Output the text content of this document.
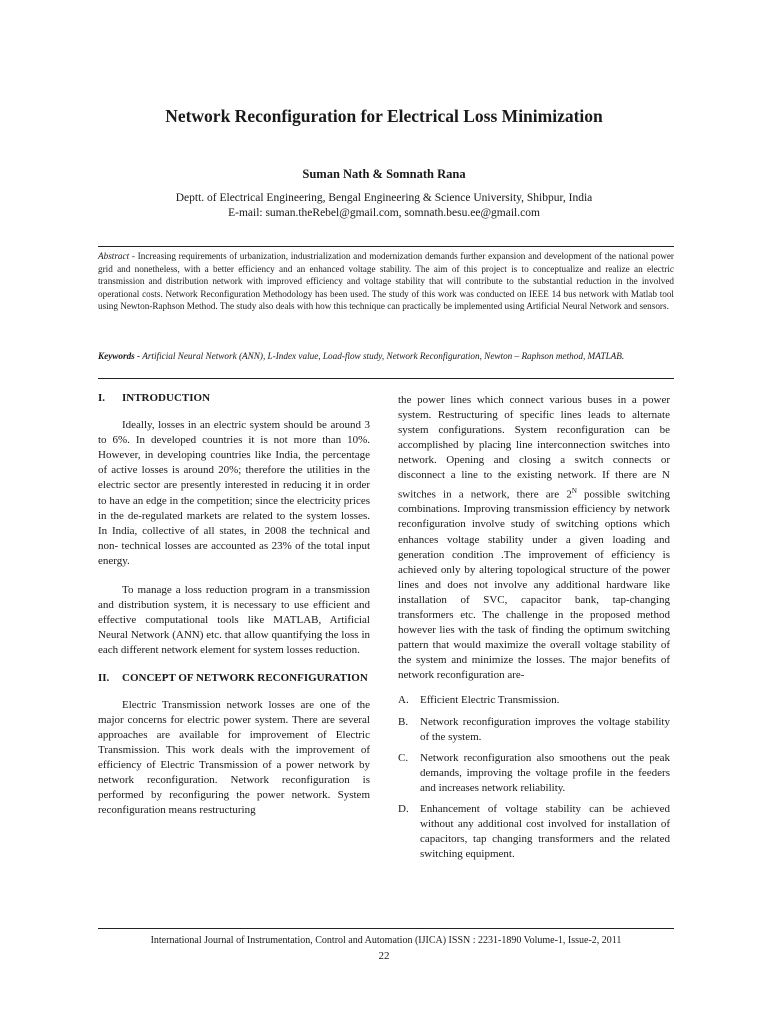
Network Reconfiguration for Electrical Loss Minimization
Suman Nath & Somnath Rana
Deptt. of Electrical Engineering, Bengal Engineering & Science University, Shibpur, India
E-mail: suman.theRebel@gmail.com, somnath.besu.ee@gmail.com
Abstract - Increasing requirements of urbanization, industrialization and modernization demands further expansion and development of the national power grid and nonetheless, with a better efficiency and an enhanced voltage stability. The aim of this project is to conceptualize and realize an electric transmission and distribution network with improved efficiency and voltage stability that will contribute to the substantial reduction in the involved operational costs. Network Reconfiguration Methodology has been used. The study of this work was conducted on IEEE 14 bus network with Matlab tool using Newton-Raphson Method. The study also deals with how this technique can practically be implemented using Artificial Neural Network and sensors.
Keywords - Artificial Neural Network (ANN), L-Index value, Load-flow study, Network Reconfiguration, Newton – Raphson method, MATLAB.
I.	INTRODUCTION

Ideally, losses in an electric system should be around 3 to 6%. In developed countries it is not more than 10%. However, in developing countries like India, the percentage of active losses is around 20%; therefore the utilities in the electric sector are presently interested in reducing it in order to have an edge in the competition; since the electricity prices in the de-regulated markets are related to the system losses. In India, collective of all states, in 2008 the technical and non- technical losses are accounted as 23% of the total input energy.

To manage a loss reduction program in a transmission and distribution system, it is necessary to use efficient and effective computational tools like MATLAB, Artificial Neural Network (ANN) etc. that allow quantifying the loss in each different network element for system losses reduction.

II.	CONCEPT OF NETWORK RECONFIGURATION

Electric Transmission network losses are one of the major concerns for electric power system. There are several approaches are available for improvement of Electric Transmission. This work deals with the improvement of efficiency of Electric Transmission of a power network by network reconfiguration. Network reconfiguration is performed by reconfiguring the power network. System reconfiguration means restructuring

the power lines which connect various buses in a power system. Restructuring of specific lines leads to alternate system configurations. System reconfiguration can be accomplished by placing line interconnection switches into network. Opening and closing a switch connects or disconnect a line to the existing network. If there are N switches in a network, there are $2^N$ possible switching combinations. Improving transmission efficiency by network reconfiguration involve study of switching options which enhances voltage stability under a given loading and generation condition .The improvement of efficiency is achieved only by altering topological structure of the power lines and does not involve any additional hardware like installation of SVC, capacitor bank, tap-changing transformers etc. The challenge in the proposed method however lies with the task of finding the optimum switching pattern that would maximize the overall voltage stability of the system and minimize the losses. The major benefits of network reconfiguration are-

A.	Efficient Electric Transmission.
B.	Network reconfiguration improves the voltage stability of the system.
C.	Network reconfiguration also smoothens out the peak demands, improving the voltage profile in the feeders and increases network reliability.
D.	Enhancement of voltage stability can be achieved without any additional cost involved for installation of capacitors, tap changing transformers and the related switching equipment.
International Journal of Instrumentation, Control and Automation (IJICA) ISSN : 2231-1890 Volume-1, Issue-2, 2011
22
